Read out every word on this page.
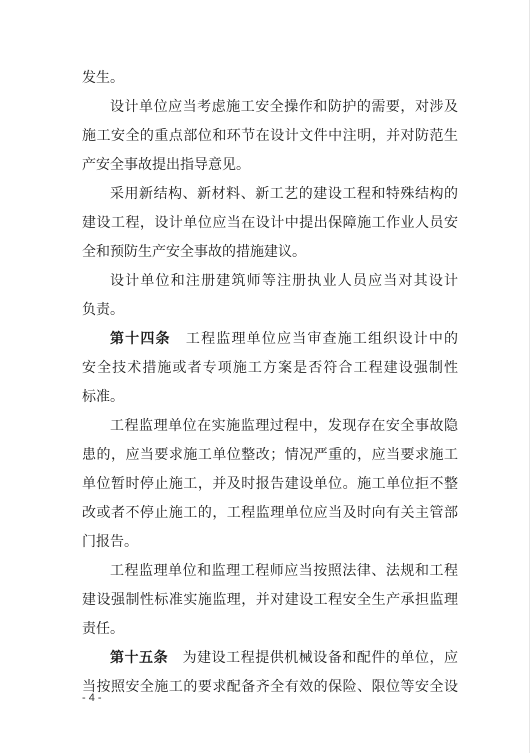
发生。
设计单位应当考虑施工安全操作和防护的需要，对涉及
施工安全的重点部位和环节在设计文件中注明，并对防范生
产安全事故提出指导意见。
采用新结构、新材料、新工艺的建设工程和特殊结构的
建设工程，设计单位应当在设计中提出保障施工作业人员安
全和预防生产安全事故的措施建议。
设计单位和注册建筑师等注册执业人员应当对其设计
负责。
第十四条　工程监理单位应当审查施工组织设计中的
安全技术措施或者专项施工方案是否符合工程建设强制性
标准。
工程监理单位在实施监理过程中，发现存在安全事故隐
患的，应当要求施工单位整改；情况严重的，应当要求施工
单位暂时停止施工，并及时报告建设单位。施工单位拒不整
改或者不停止施工的，工程监理单位应当及时向有关主管部
门报告。
工程监理单位和监理工程师应当按照法律、法规和工程
建设强制性标准实施监理，并对建设工程安全生产承担监理
责任。
第十五条　为建设工程提供机械设备和配件的单位，应
当按照安全施工的要求配备齐全有效的保险、限位等安全设
- 4 -
